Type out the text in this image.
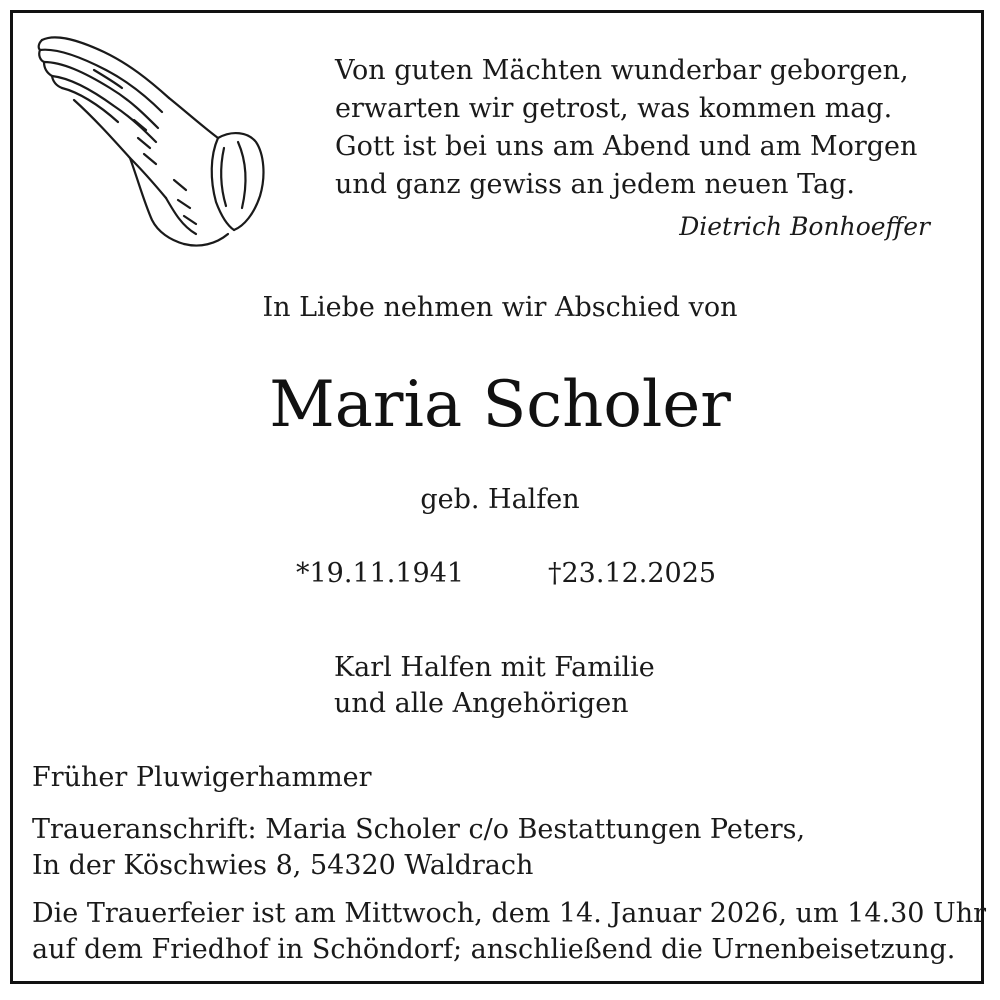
Von guten Mächten wunderbar geborgen,
erwarten wir getrost, was kommen mag.
Gott ist bei uns am Abend und am Morgen
und ganz gewiss an jedem neuen Tag.
Dietrich Bonhoeffer
In Liebe nehmen wir Abschied von
Maria Scholer
geb. Halfen
*19.11.1941	†23.12.2025
Karl Halfen mit Familie
und alle Angehörigen
Früher Pluwigerhammer
Traueranschrift: Maria Scholer c/o Bestattungen Peters,
In der Köschwies 8, 54320 Waldrach
Die Trauerfeier ist am Mittwoch, dem 14. Januar 2026, um 14.30 Uhr
auf dem Friedhof in Schöndorf; anschließend die Urnenbeisetzung.
